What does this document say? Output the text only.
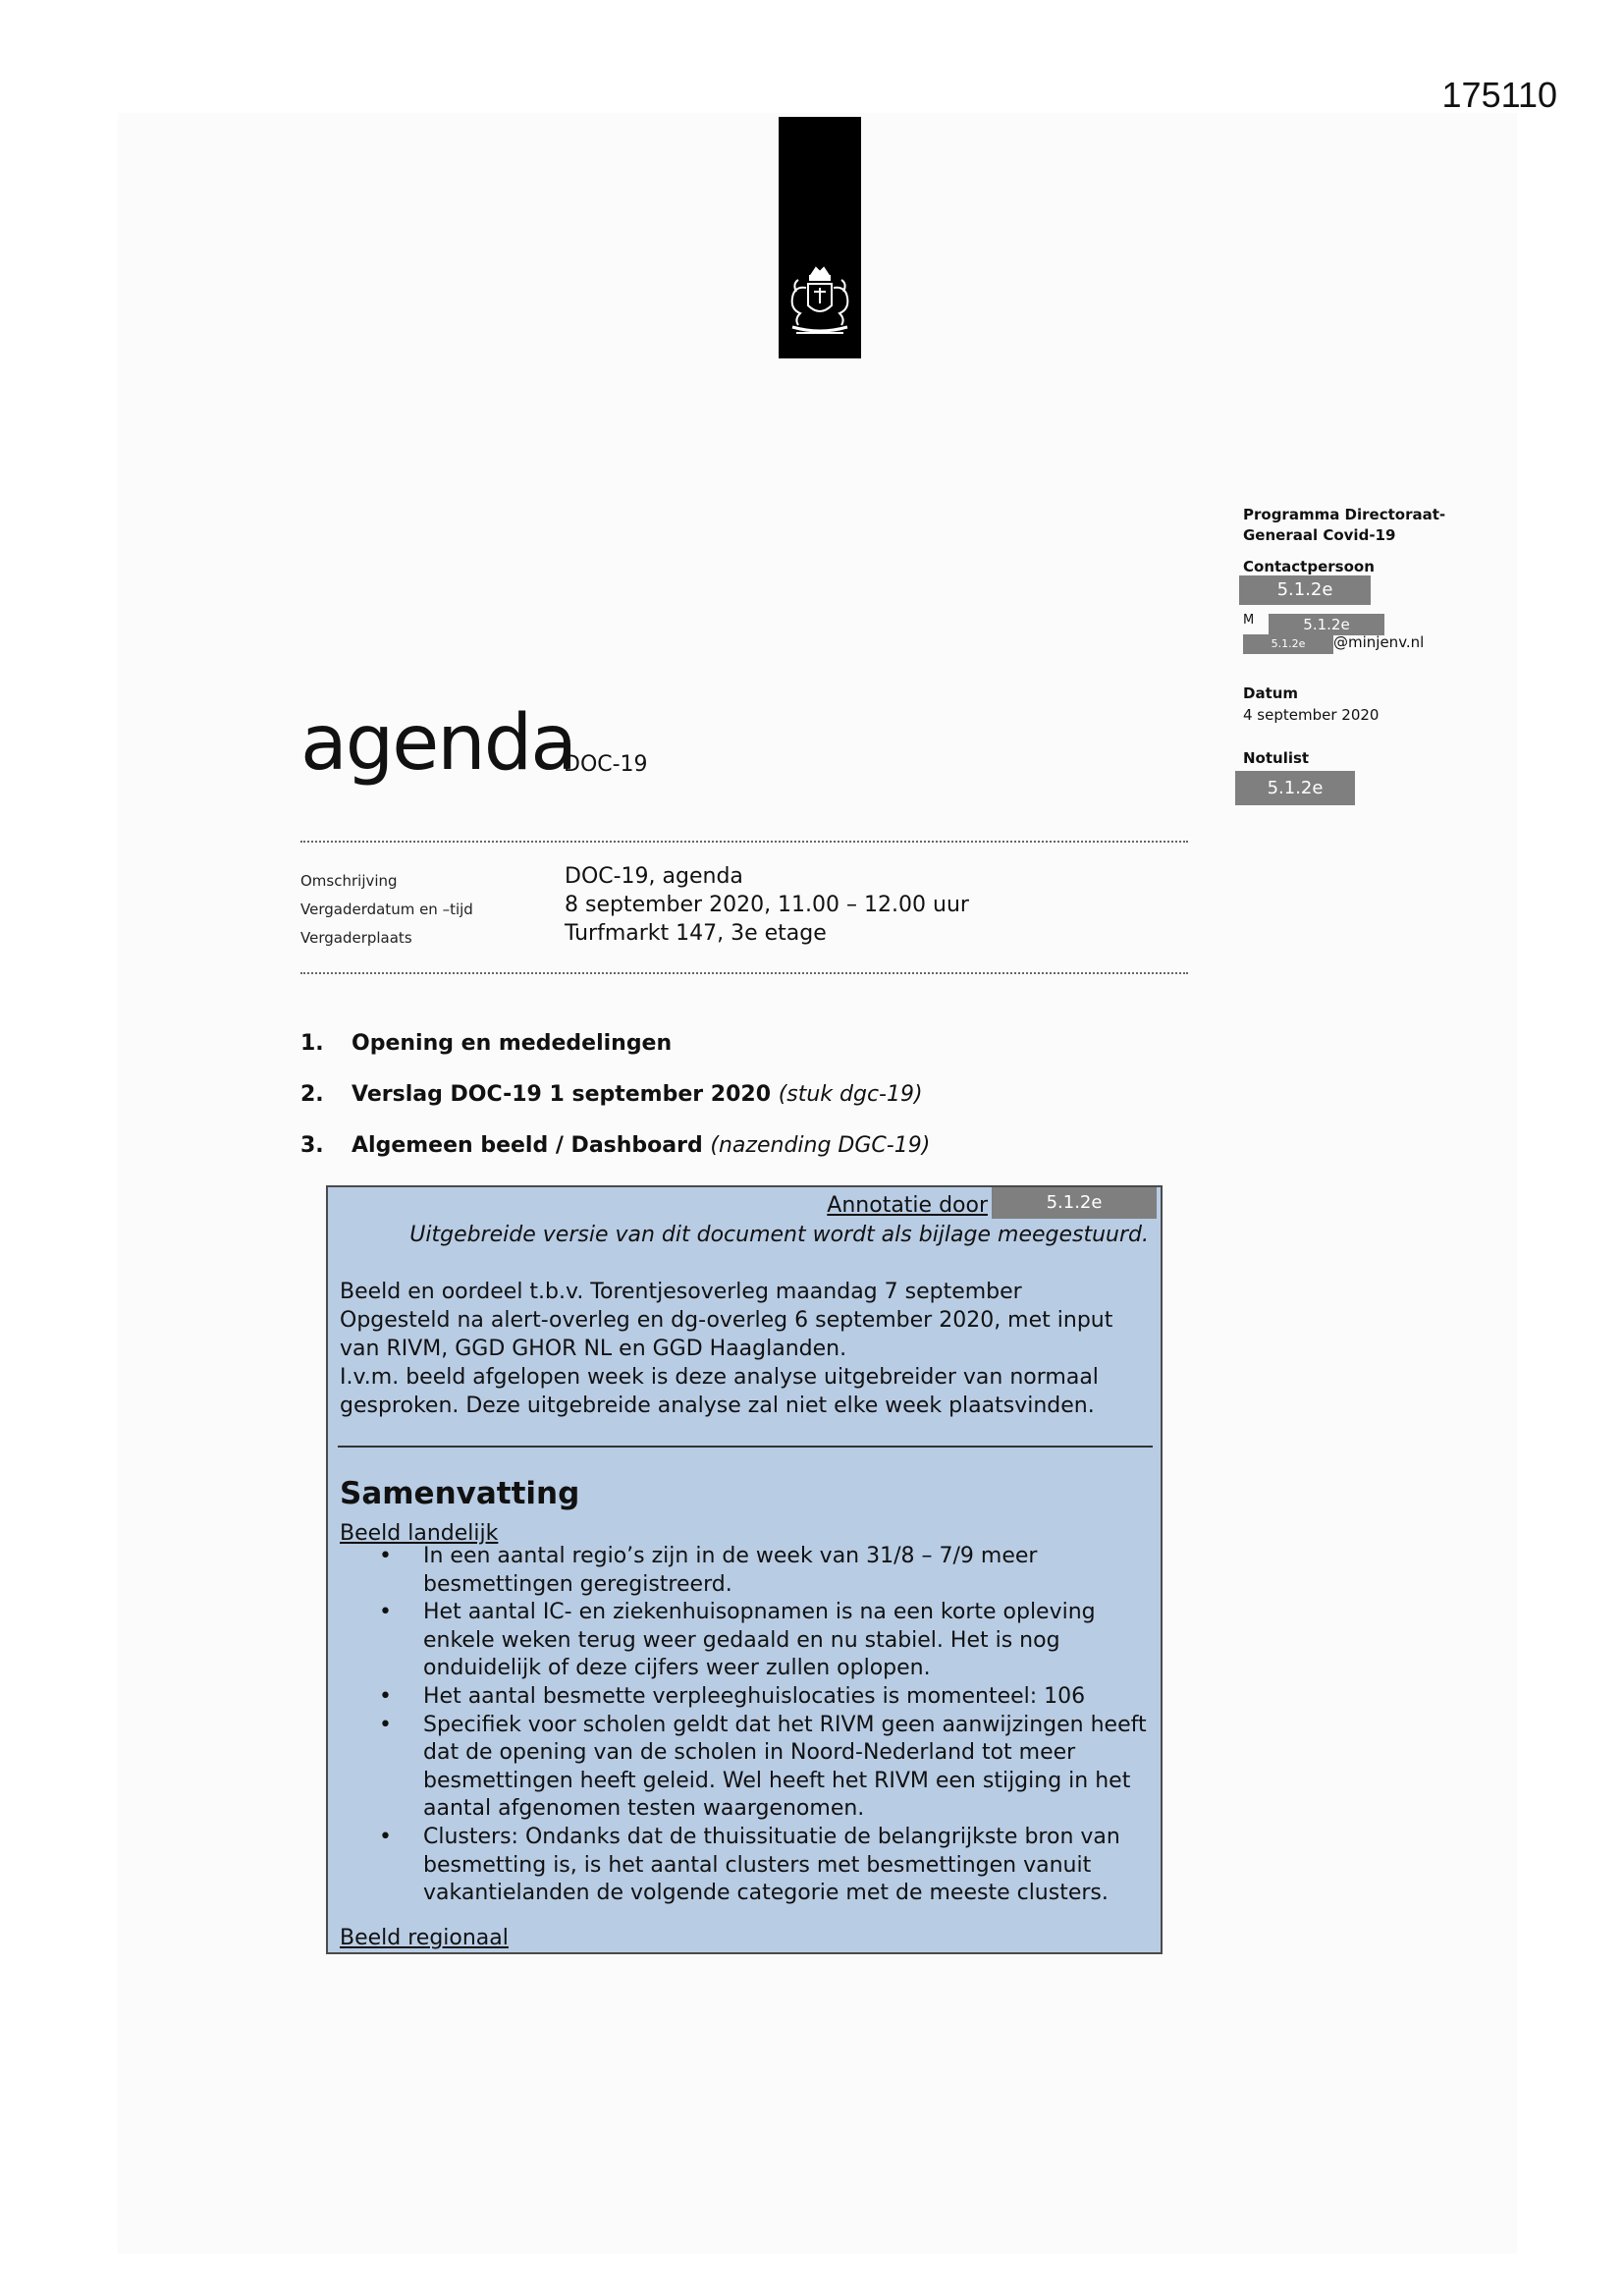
175110
Programma Directoraat-Generaal Covid-19
Contactpersoon
5.1.2e
M	5.1.2e
5.1.2e	@minjenv.nl
Datum
4 september 2020
Notulist
5.1.2e
agenda
DOC-19
Omschrijving	DOC-19, agenda
Vergaderdatum en –tijd	8 september 2020, 11.00 – 12.00 uur
Vergaderplaats	Turfmarkt 147, 3e etage
1. Opening en mededelingen
2. Verslag DOC-19 1 september 2020 (stuk dgc-19)
3. Algemeen beeld / Dashboard (nazending DGC-19)
Annotatie door	5.1.2e
Uitgebreide versie van dit document wordt als bijlage meegestuurd.
Beeld en oordeel t.b.v. Torentjesoverleg maandag 7 september
Opgesteld na alert-overleg en dg-overleg 6 september 2020, met input van RIVM, GGD GHOR NL en GGD Haaglanden.
I.v.m. beeld afgelopen week is deze analyse uitgebreider van normaal gesproken. Deze uitgebreide analyse zal niet elke week plaatsvinden.
Samenvatting
Beeld landelijk
• In een aantal regio’s zijn in de week van 31/8 – 7/9 meer besmettingen geregistreerd.
• Het aantal IC- en ziekenhuisopnamen is na een korte opleving enkele weken terug weer gedaald en nu stabiel. Het is nog onduidelijk of deze cijfers weer zullen oplopen.
• Het aantal besmette verpleeghuislocaties is momenteel: 106
• Specifiek voor scholen geldt dat het RIVM geen aanwijzingen heeft dat de opening van de scholen in Noord-Nederland tot meer besmettingen heeft geleid. Wel heeft het RIVM een stijging in het aantal afgenomen testen waargenomen.
• Clusters: Ondanks dat de thuissituatie de belangrijkste bron van besmetting is, is het aantal clusters met besmettingen vanuit vakantielanden de volgende categorie met de meeste clusters.
Beeld regionaal
